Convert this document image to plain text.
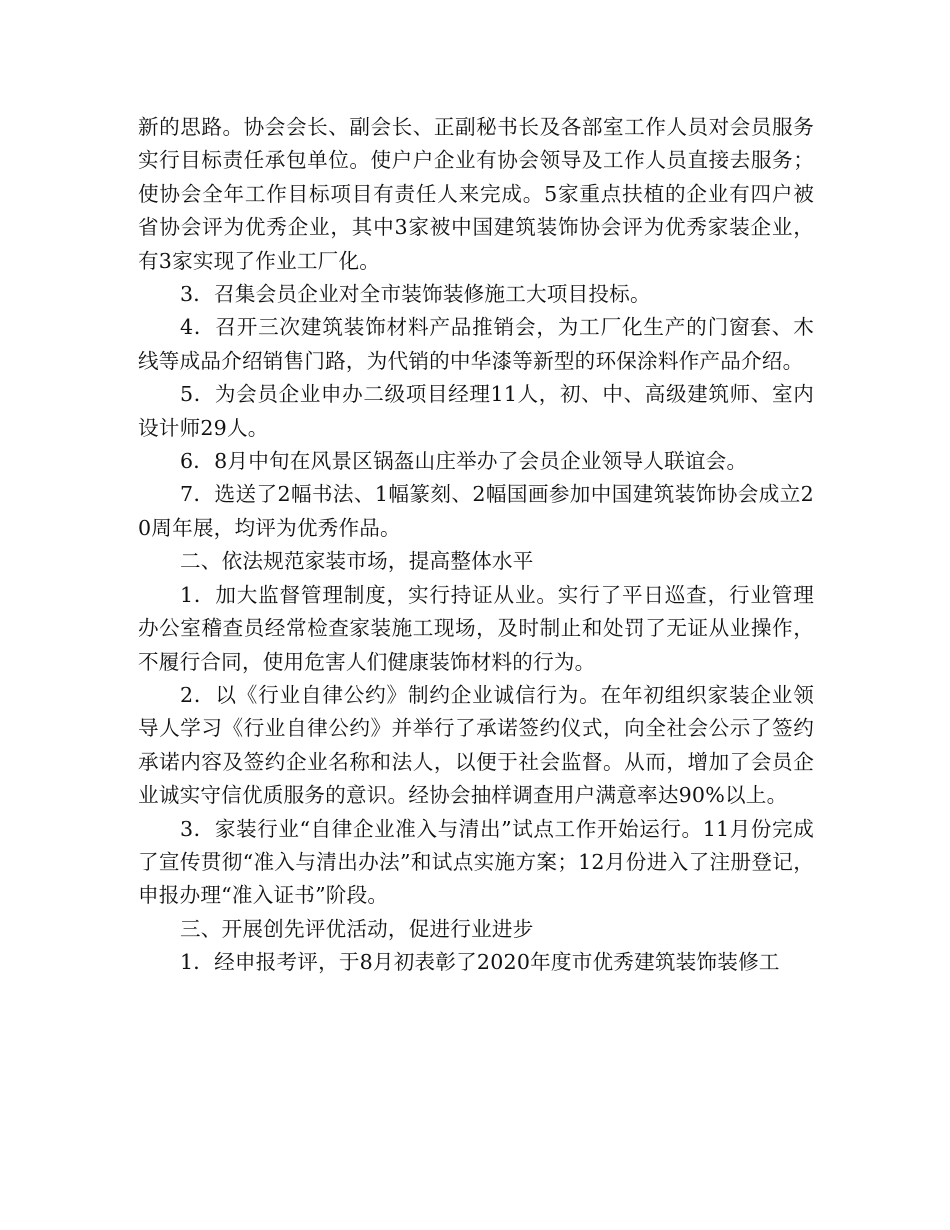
新的思路。协会会长、副会长、正副秘书长及各部室工作人员对会员服务实行目标责任承包单位。使户户企业有协会领导及工作人员直接去服务；使协会全年工作目标项目有责任人来完成。5家重点扶植的企业有四户被省协会评为优秀企业，其中3家被中国建筑装饰协会评为优秀家装企业，有3家实现了作业工厂化。

3．召集会员企业对全市装饰装修施工大项目投标。

4．召开三次建筑装饰材料产品推销会，为工厂化生产的门窗套、木线等成品介绍销售门路，为代销的中华漆等新型的环保涂料作产品介绍。

5．为会员企业申办二级项目经理11人，初、中、高级建筑师、室内设计师29人。

6．8月中旬在风景区锅盔山庄举办了会员企业领导人联谊会。

7．选送了2幅书法、1幅篆刻、2幅国画参加中国建筑装饰协会成立20周年展，均评为优秀作品。

二、依法规范家装市场，提高整体水平

1．加大监督管理制度，实行持证从业。实行了平日巡查，行业管理办公室稽查员经常检查家装施工现场，及时制止和处罚了无证从业操作，不履行合同，使用危害人们健康装饰材料的行为。

2．以《行业自律公约》制约企业诚信行为。在年初组织家装企业领导人学习《行业自律公约》并举行了承诺签约仪式，向全社会公示了签约承诺内容及签约企业名称和法人，以便于社会监督。从而，增加了会员企业诚实守信优质服务的意识。经协会抽样调查用户满意率达90%以上。

3．家装行业“自律企业准入与清出”试点工作开始运行。11月份完成了宣传贯彻“准入与清出办法”和试点实施方案；12月份进入了注册登记，申报办理“准入证书”阶段。

三、开展创先评优活动，促进行业进步

1．经申报考评，于8月初表彰了2020年度市优秀建筑装饰装修工
